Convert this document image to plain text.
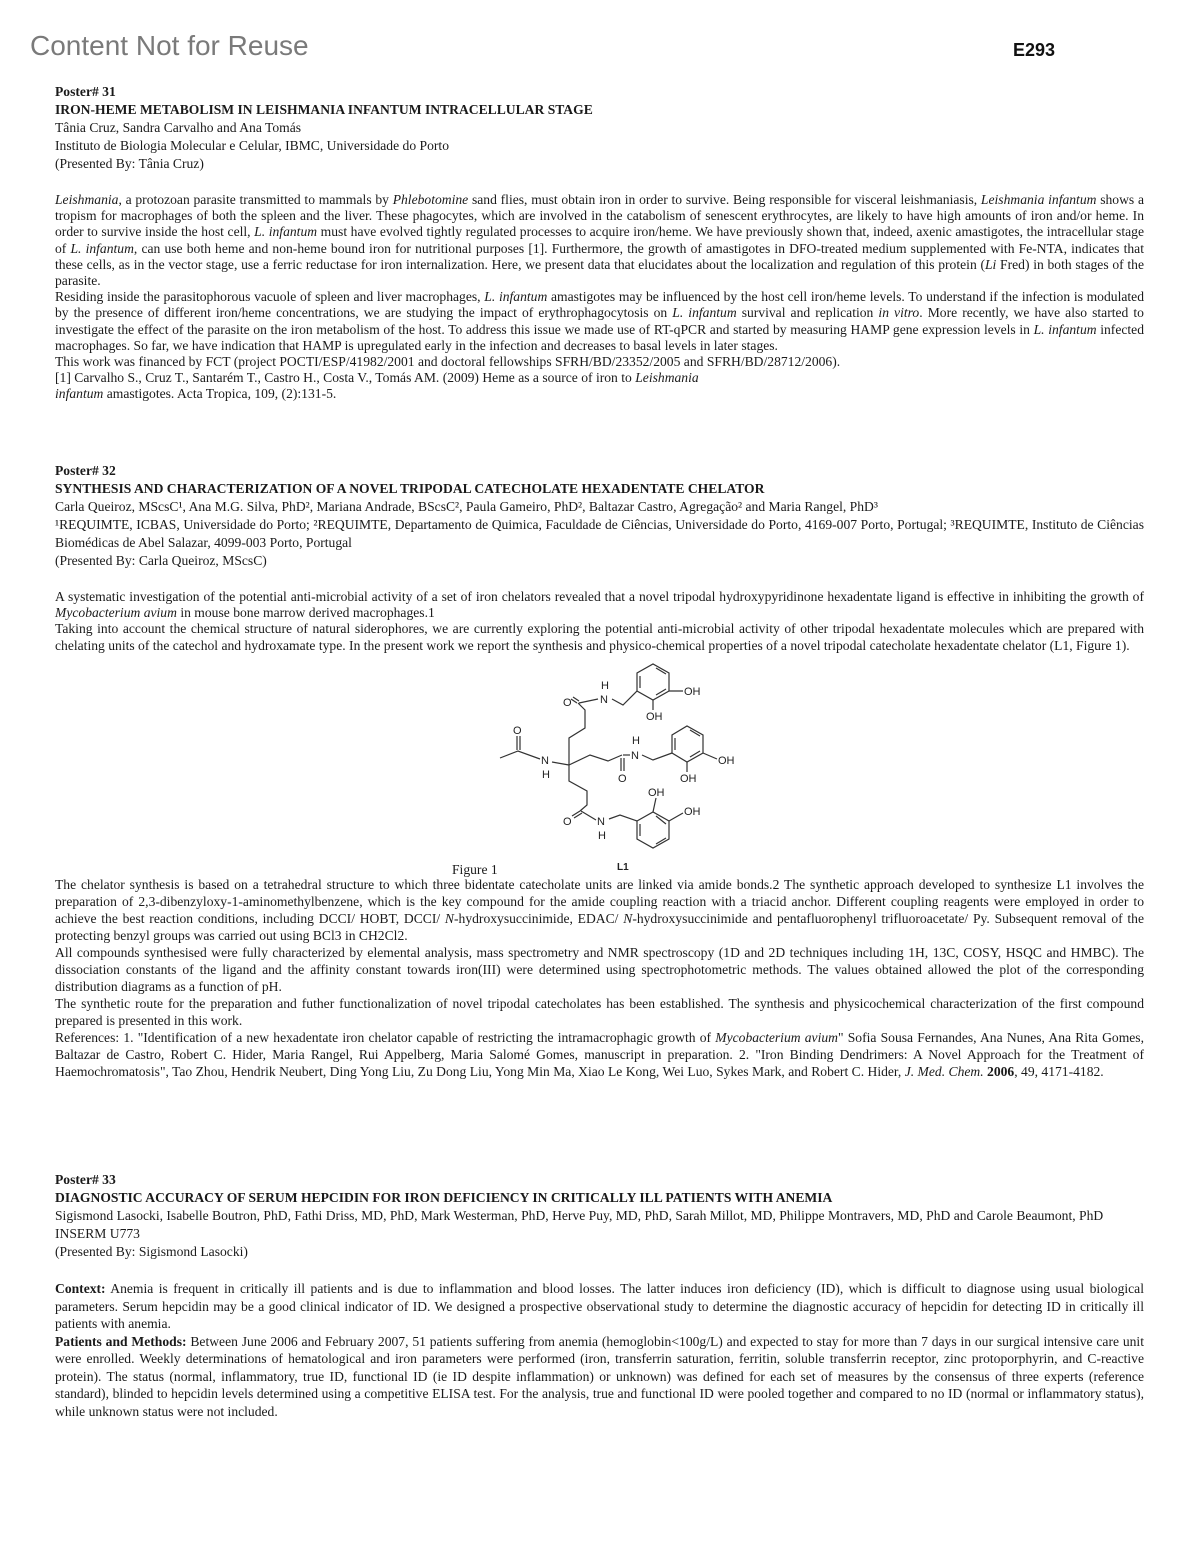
Content Not for Reuse	E293
Poster# 31
IRON-HEME METABOLISM IN LEISHMANIA INFANTUM INTRACELLULAR STAGE
Tânia Cruz, Sandra Carvalho and Ana Tomás
Instituto de Biologia Molecular e Celular, IBMC, Universidade do Porto
(Presented By: Tânia Cruz)

Leishmania, a protozoan parasite transmitted to mammals by Phlebotomine sand flies, must obtain iron in order to survive. Being responsible for visceral leishmaniasis, Leishmania infantum shows a tropism for macrophages of both the spleen and the liver. These phagocytes, which are involved in the catabolism of senescent erythrocytes, are likely to have high amounts of iron and/or heme. In order to survive inside the host cell, L. infantum must have evolved tightly regulated processes to acquire iron/heme. We have previously shown that, indeed, axenic amastigotes, the intracellular stage of L. infantum, can use both heme and non-heme bound iron for nutritional purposes [1]. Furthermore, the growth of amastigotes in DFO-treated medium supplemented with Fe-NTA, indicates that these cells, as in the vector stage, use a ferric reductase for iron internalization. Here, we present data that elucidates about the localization and regulation of this protein (Li Fred) in both stages of the parasite.

Residing inside the parasitophorous vacuole of spleen and liver macrophages, L. infantum amastigotes may be influenced by the host cell iron/heme levels. To understand if the infection is modulated by the presence of different iron/heme concentrations, we are studying the impact of erythrophagocytosis on L. infantum survival and replication in vitro. More recently, we have also started to investigate the effect of the parasite on the iron metabolism of the host. To address this issue we made use of RT-qPCR and started by measuring HAMP gene expression levels in L. infantum infected macrophages. So far, we have indication that HAMP is upregulated early in the infection and decreases to basal levels in later stages.

This work was financed by FCT (project POCTI/ESP/41982/2001 and doctoral fellowships SFRH/BD/23352/2005 and SFRH/BD/28712/2006).

[1] Carvalho S., Cruz T., Santarém T., Castro H., Costa V., Tomás AM. (2009) Heme as a source of iron to Leishmania

infantum amastigotes. Acta Tropica, 109, (2):131-5.

Poster# 32
SYNTHESIS AND CHARACTERIZATION OF A NOVEL TRIPODAL CATECHOLATE HEXADENTATE CHELATOR
Carla Queiroz, MScsC¹, Ana M.G. Silva, PhD², Mariana Andrade, BScsC², Paula Gameiro, PhD², Baltazar Castro, Agregação² and Maria Rangel, PhD³
¹REQUIMTE, ICBAS, Universidade do Porto; ²REQUIMTE, Departamento de Quimica, Faculdade de Ciências, Universidade do Porto, 4169-007 Porto, Portugal; ³REQUIMTE, Instituto de Ciências Biomédicas de Abel Salazar, 4099-003 Porto, Portugal
(Presented By: Carla Queiroz, MScsC)

A systematic investigation of the potential anti-microbial activity of a set of iron chelators revealed that a novel tripodal hydroxypyridinone hexadentate ligand is effective in inhibiting the growth of Mycobacterium avium in mouse bone marrow derived macrophages.1

Taking into account the chemical structure of natural siderophores, we are currently exploring the potential anti-microbial activity of other tripodal hexadentate molecules which are prepared with chelating units of the catechol and hydroxamate type. In the present work we report the synthesis and physico-chemical properties of a novel tripodal catecholate hexadentate chelator (L1, Figure 1).

O
N
H
O	N
H	OH
OH
O
N
H
OH
OH
O N
H
OH
OH
L1
Figure 1

The chelator synthesis is based on a tetrahedral structure to which three bidentate catecholate units are linked via amide bonds.2 The synthetic approach developed to synthesize L1 involves the preparation of 2,3-dibenzyloxy-1-aminomethylbenzene, which is the key compound for the amide coupling reaction with a triacid anchor. Different coupling reagents were employed in order to achieve the best reaction conditions, including DCCI/ HOBT, DCCI/ N-hydroxysuccinimide, EDAC/ N-hydroxysuccinimide and pentafluorophenyl trifluoroacetate/ Py. Subsequent removal of the protecting benzyl groups was carried out using BCl3 in CH2Cl2.

All compounds synthesised were fully characterized by elemental analysis, mass spectrometry and NMR spectroscopy (1D and 2D techniques including 1H, 13C, COSY, HSQC and HMBC). The dissociation constants of the ligand and the affinity constant towards iron(III) were determined using spectrophotometric methods. The values obtained allowed the plot of the corresponding distribution diagrams as a function of pH.

The synthetic route for the preparation and futher functionalization of novel tripodal catecholates has been established. The synthesis and physicochemical characterization of the first compound prepared is presented in this work.

References: 1. "Identification of a new hexadentate iron chelator capable of restricting the intramacrophagic growth of Mycobacterium avium" Sofia Sousa Fernandes, Ana Nunes, Ana Rita Gomes, Baltazar de Castro, Robert C. Hider, Maria Rangel, Rui Appelberg, Maria Salomé Gomes, manuscript in preparation. 2. "Iron Binding Dendrimers: A Novel Approach for the Treatment of Haemochromatosis", Tao Zhou, Hendrik Neubert, Ding Yong Liu, Zu Dong Liu, Yong Min Ma, Xiao Le Kong, Wei Luo, Sykes Mark, and Robert C. Hider, J. Med. Chem. 2006, 49, 4171-4182.

Poster# 33
DIAGNOSTIC ACCURACY OF SERUM HEPCIDIN FOR IRON DEFICIENCY IN CRITICALLY ILL PATIENTS WITH ANEMIA
Sigismond Lasocki, Isabelle Boutron, PhD, Fathi Driss, MD, PhD, Mark Westerman, PhD, Herve Puy, MD, PhD, Sarah Millot, MD, Philippe Montravers, MD, PhD and Carole Beaumont, PhD
INSERM U773
(Presented By: Sigismond Lasocki)

Context: Anemia is frequent in critically ill patients and is due to inflammation and blood losses. The latter induces iron deficiency (ID), which is difficult to diagnose using usual biological parameters. Serum hepcidin may be a good clinical indicator of ID. We designed a prospective observational study to determine the diagnostic accuracy of hepcidin for detecting ID in critically ill patients with anemia.

Patients and Methods: Between June 2006 and February 2007, 51 patients suffering from anemia (hemoglobin<100g/L) and expected to stay for more than 7 days in our surgical intensive care unit were enrolled. Weekly determinations of hematological and iron parameters were performed (iron, transferrin saturation, ferritin, soluble transferrin receptor, zinc protoporphyrin, and C-reactive protein). The status (normal, inflammatory, true ID, functional ID (ie ID despite inflammation) or unknown) was defined for each set of measures by the consensus of three experts (reference standard), blinded to hepcidin levels determined using a competitive ELISA test. For the analysis, true and functional ID were pooled together and compared to no ID (normal or inflammatory status), while unknown status were not included.
